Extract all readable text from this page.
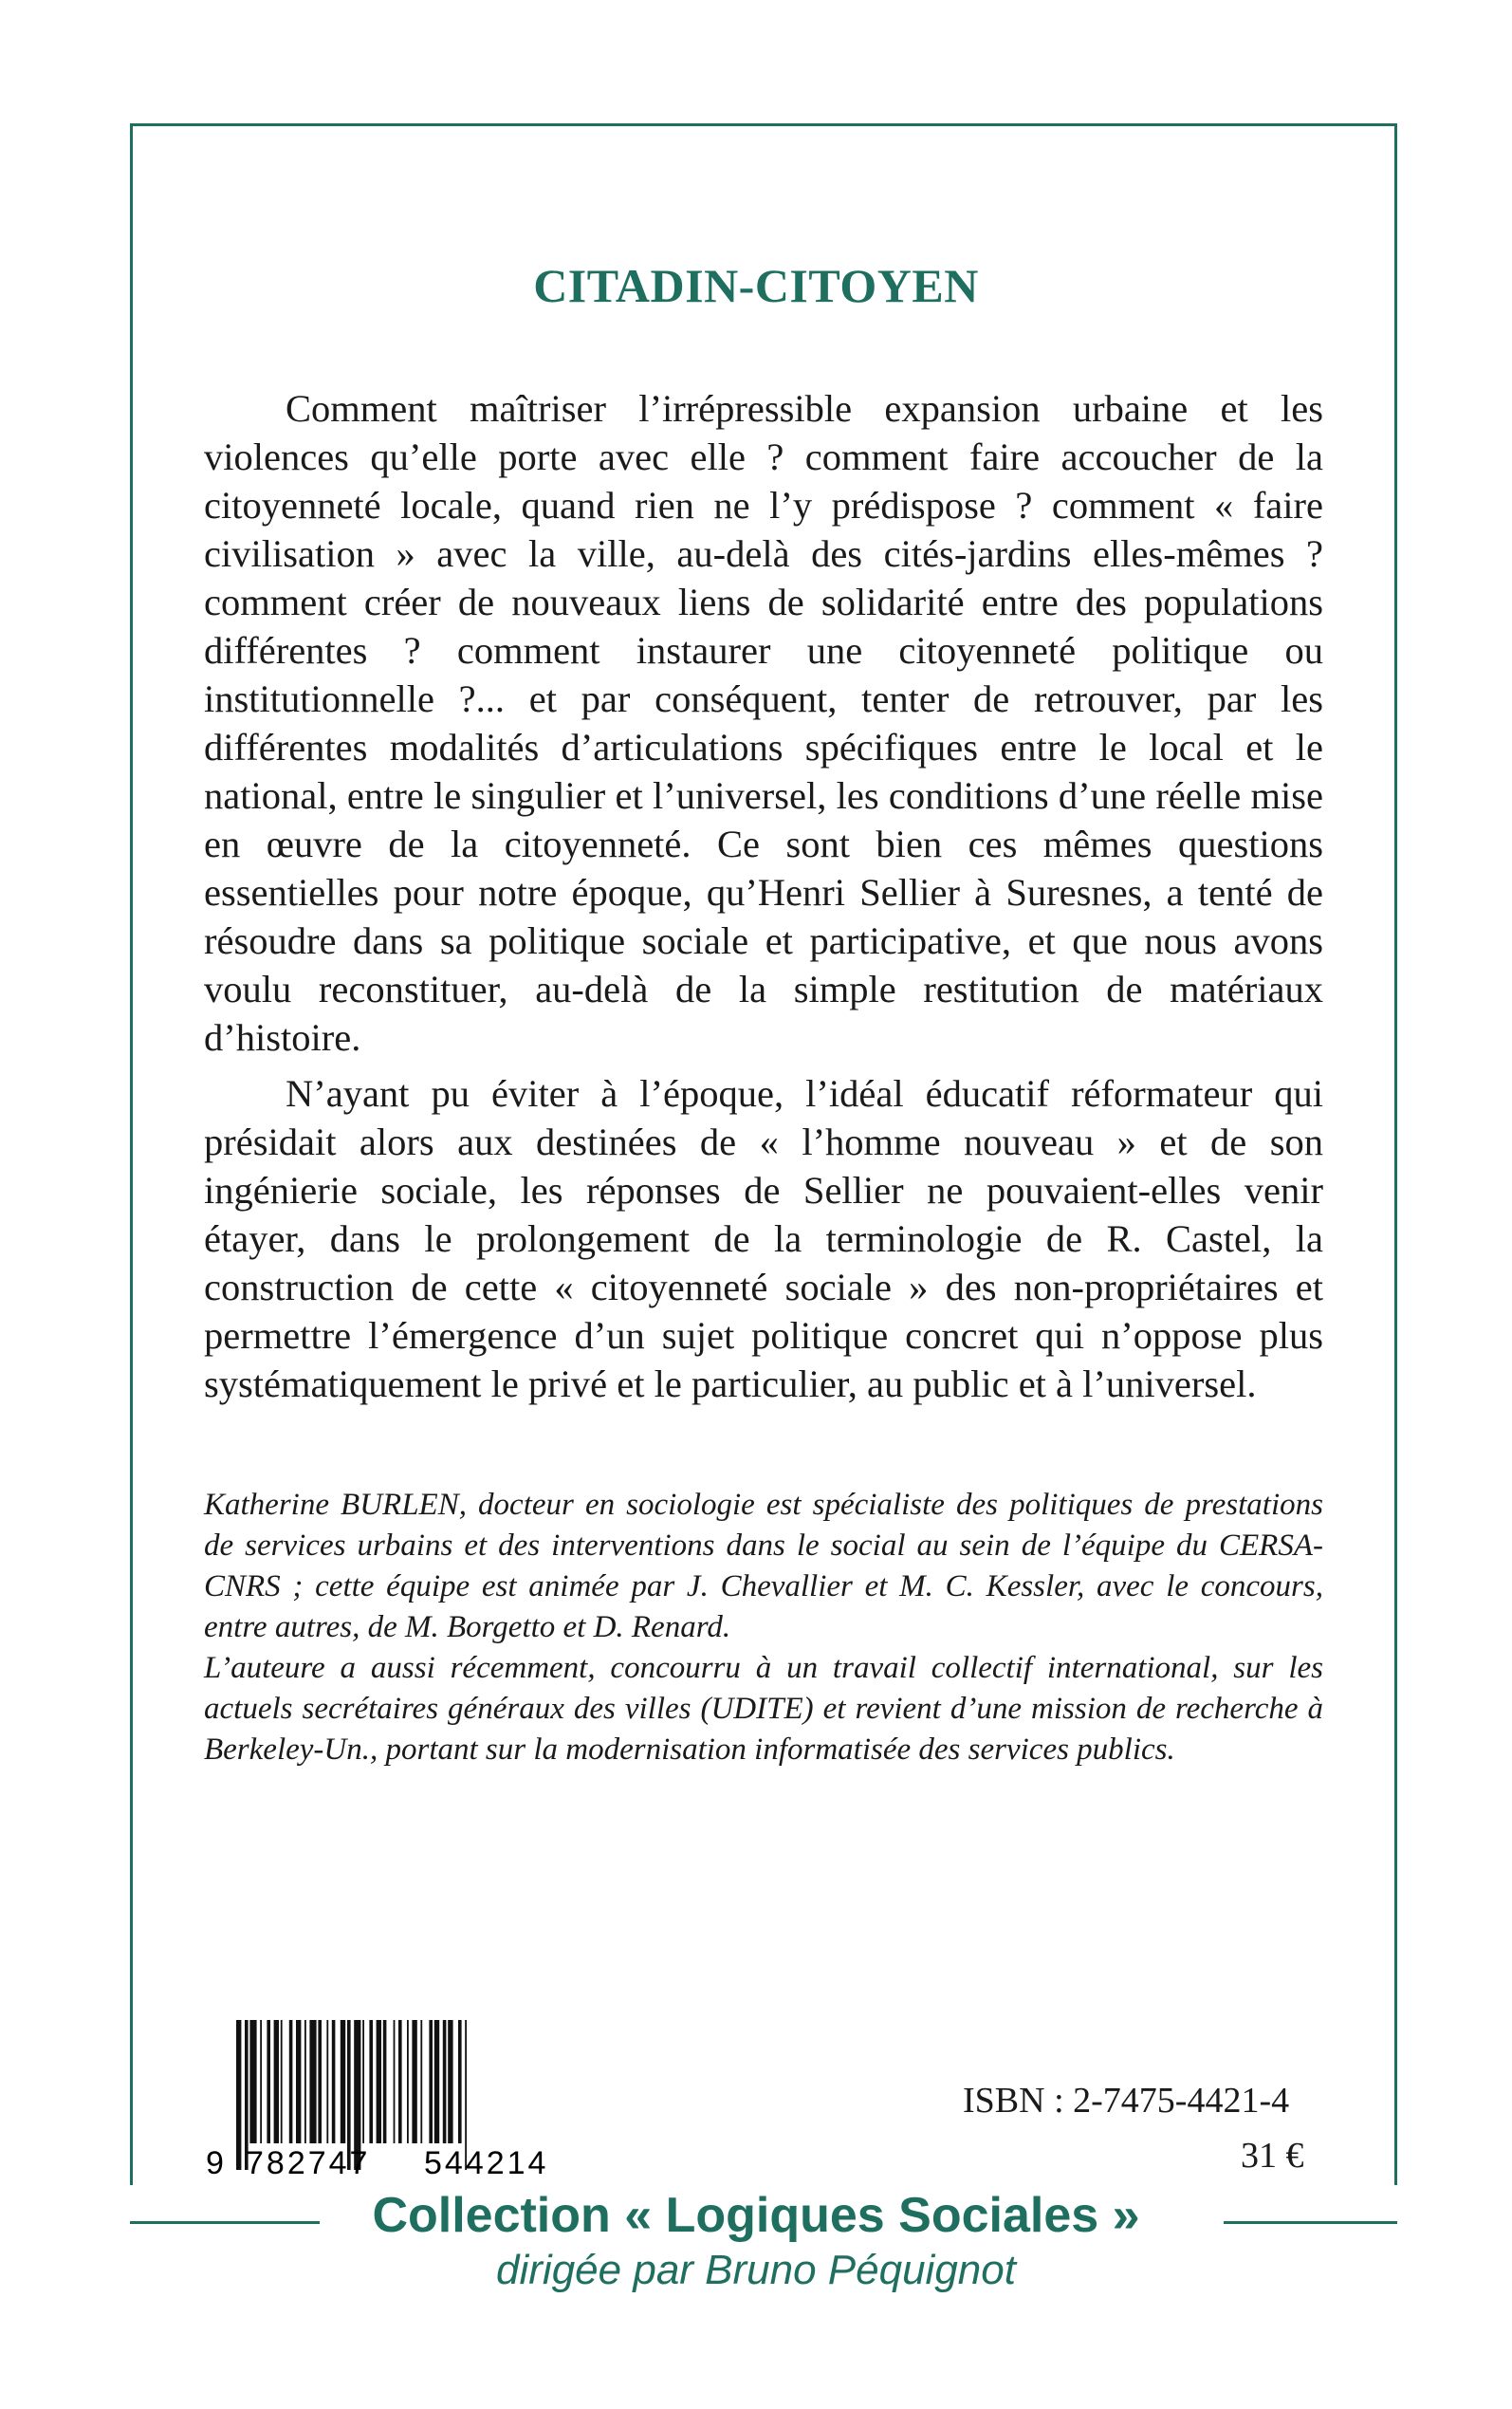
CITADIN-CITOYEN

Comment maîtriser l’irrépressible expansion urbaine et les violences qu’elle porte avec elle ? comment faire accoucher de la citoyenneté locale, quand rien ne l’y prédispose ? comment « faire civilisation » avec la ville, au-delà des cités-jardins elles-mêmes ? comment créer de nouveaux liens de solidarité entre des populations différentes ? comment instaurer une citoyenneté politique ou institutionnelle ?... et par conséquent, tenter de retrouver, par les différentes modalités d’articulations spécifiques entre le local et le national, entre le singulier et l’universel, les conditions d’une réelle mise en œuvre de la citoyenneté. Ce sont bien ces mêmes questions essentielles pour notre époque, qu’Henri Sellier à Suresnes, a tenté de résoudre dans sa politique sociale et participative, et que nous avons voulu reconstituer, au-delà de la simple restitution de matériaux d’histoire.

N’ayant pu éviter à l’époque, l’idéal éducatif réformateur qui présidait alors aux destinées de « l’homme nouveau » et de son ingénierie sociale, les réponses de Sellier ne pouvaient-elles venir étayer, dans le prolongement de la terminologie de R. Castel, la construction de cette « citoyenneté sociale » des non-propriétaires et permettre l’émergence d’un sujet politique concret qui n’oppose plus systématiquement le privé et le particulier, au public et à l’universel.

Katherine BURLEN, docteur en sociologie est spécialiste des politiques de prestations de services urbains et des interventions dans le social au sein de l’équipe du CERSA-CNRS ; cette équipe est animée par J. Chevallier et M. C. Kessler, avec le concours, entre autres, de M. Borgetto et D. Renard.

L’auteure a aussi récemment, concourru à un travail collectif international, sur les actuels secrétaires généraux des villes (UDITE) et revient d’une mission de recherche à Berkeley-Un., portant sur la modernisation informatisée des services publics.

9 782747 544214

ISBN : 2-7475-4421-4

31 €

Collection « Logiques Sociales »

dirigée par Bruno Péquignot
